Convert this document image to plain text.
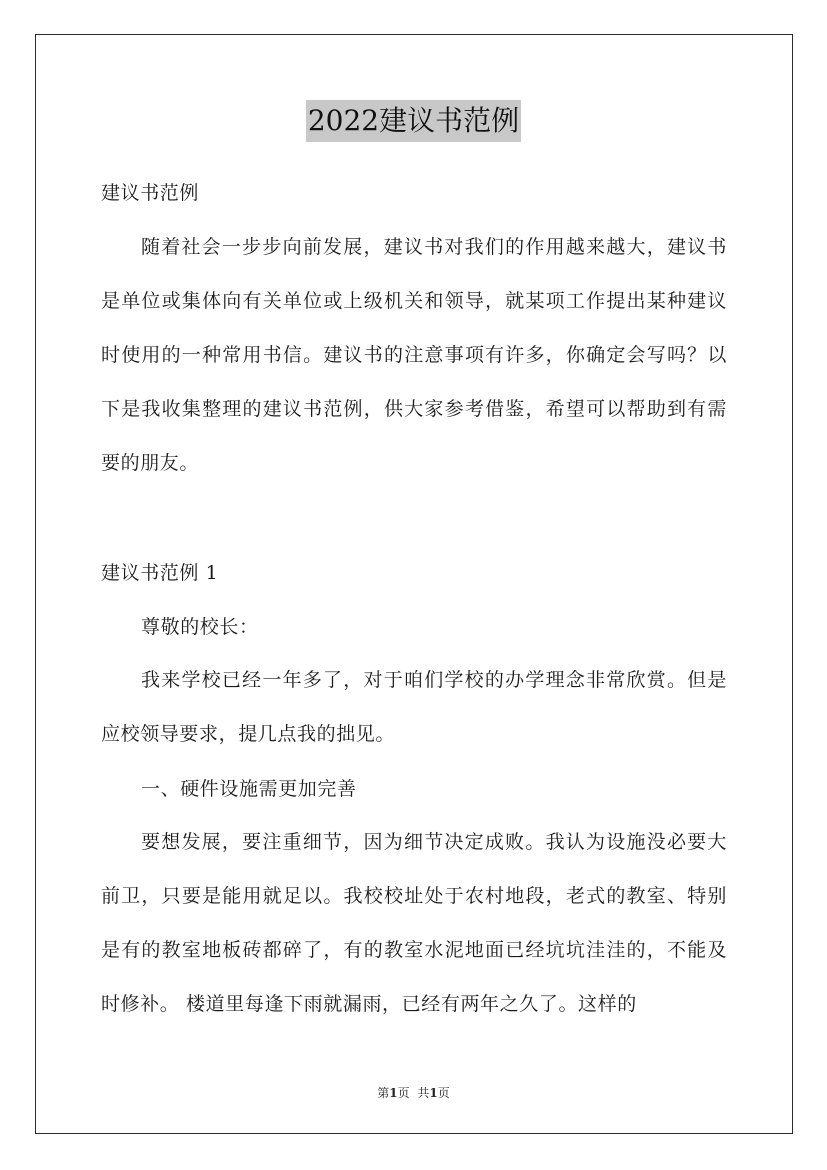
2022建议书范例

建议书范例

随着社会一步步向前发展，建议书对我们的作用越来越大，建议书是单位或集体向有关单位或上级机关和领导，就某项工作提出某种建议时使用的一种常用书信。建议书的注意事项有许多，你确定会写吗？以下是我收集整理的建议书范例，供大家参考借鉴，希望可以帮助到有需要的朋友。

建议书范例 1

尊敬的校长：

我来学校已经一年多了，对于咱们学校的办学理念非常欣赏。但是应校领导要求，提几点我的拙见。

一、硬件设施需更加完善

要想发展，要注重细节，因为细节决定成败。我认为设施没必要大前卫，只要是能用就足以。我校校址处于农村地段，老式的教室、特别是有的教室地板砖都碎了，有的教室水泥地面已经坑坑洼洼的，不能及时修补。 楼道里每逢下雨就漏雨，已经有两年之久了。这样的

第1页 共1页
